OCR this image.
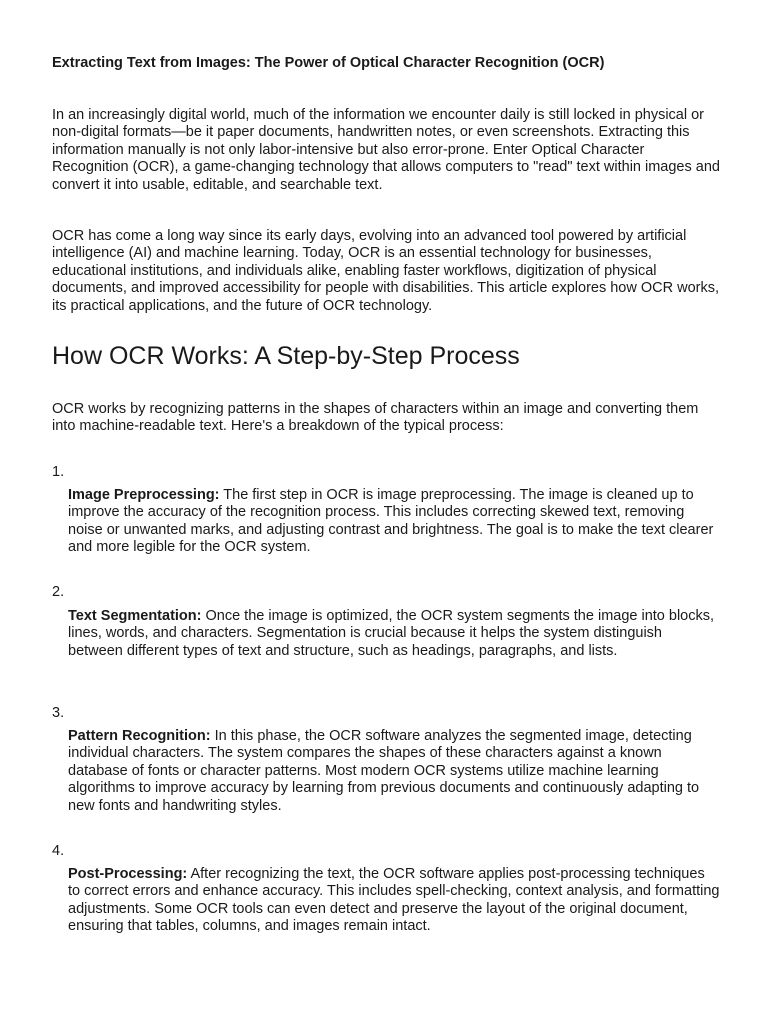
Extracting Text from Images: The Power of Optical Character Recognition (OCR)

In an increasingly digital world, much of the information we encounter daily is still locked in physical or non-digital formats—be it paper documents, handwritten notes, or even screenshots. Extracting this information manually is not only labor-intensive but also error-prone. Enter Optical Character Recognition (OCR), a game-changing technology that allows computers to "read" text within images and convert it into usable, editable, and searchable text.

OCR has come a long way since its early days, evolving into an advanced tool powered by artificial intelligence (AI) and machine learning. Today, OCR is an essential technology for businesses, educational institutions, and individuals alike, enabling faster workflows, digitization of physical documents, and improved accessibility for people with disabilities. This article explores how OCR works, its practical applications, and the future of OCR technology.

How OCR Works: A Step-by-Step Process

OCR works by recognizing patterns in the shapes of characters within an image and converting them into machine-readable text. Here's a breakdown of the typical process:

1.

Image Preprocessing: The first step in OCR is image preprocessing. The image is cleaned up to improve the accuracy of the recognition process. This includes correcting skewed text, removing noise or unwanted marks, and adjusting contrast and brightness. The goal is to make the text clearer and more legible for the OCR system.

2.

Text Segmentation: Once the image is optimized, the OCR system segments the image into blocks, lines, words, and characters. Segmentation is crucial because it helps the system distinguish between different types of text and structure, such as headings, paragraphs, and lists.

3.

Pattern Recognition: In this phase, the OCR software analyzes the segmented image, detecting individual characters. The system compares the shapes of these characters against a known database of fonts or character patterns. Most modern OCR systems utilize machine learning algorithms to improve accuracy by learning from previous documents and continuously adapting to new fonts and handwriting styles.

4.

Post-Processing: After recognizing the text, the OCR software applies post-processing techniques to correct errors and enhance accuracy. This includes spell-checking, context analysis, and formatting adjustments. Some OCR tools can even detect and preserve the layout of the original document, ensuring that tables, columns, and images remain intact.
